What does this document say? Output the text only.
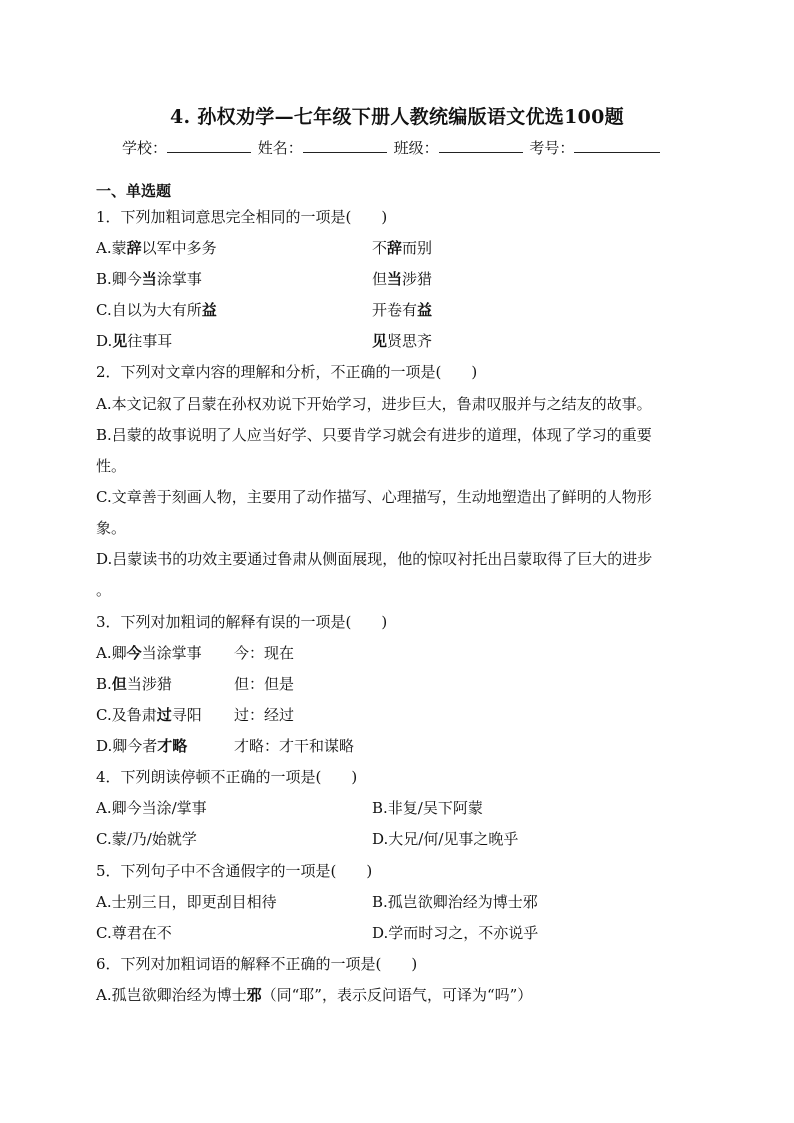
4. 孙权劝学—七年级下册人教统编版语文优选100题
学校：	姓名：	班级：	考号：
一、单选题
1．下列加粗词意思完全相同的一项是(　　)
A.蒙辞以军中多务	不辞而别
B.卿今当涂掌事	但当涉猎
C.自以为大有所益	开卷有益
D.见往事耳	见贤思齐
2．下列对文章内容的理解和分析，不正确的一项是(　　)
A.本文记叙了吕蒙在孙权劝说下开始学习，进步巨大，鲁肃叹服并与之结友的故事。
B.吕蒙的故事说明了人应当好学、只要肯学习就会有进步的道理，体现了学习的重要
性。
C.文章善于刻画人物，主要用了动作描写、心理描写，生动地塑造出了鲜明的人物形
象。
D.吕蒙读书的功效主要通过鲁肃从侧面展现，他的惊叹衬托出吕蒙取得了巨大的进步
。
3．下列对加粗词的解释有误的一项是(　　)
A.卿今当涂掌事 今：现在
B.但当涉猎	但：但是
C.及鲁肃过寻阳 过：经过
D.卿今者才略	才略：才干和谋略
4．下列朗读停顿不正确的一项是(　　)
A.卿今当涂/掌事	B.非复/吴下阿蒙
C.蒙/乃/始就学	D.大兄/何/见事之晚乎
5．下列句子中不含通假字的一项是(　　)
A.士别三日，即更刮目相待	B.孤岂欲卿治经为博士邪
C.尊君在不	D.学而时习之，不亦说乎
6．下列对加粗词语的解释不正确的一项是(　　)
A.孤岂欲卿治经为博士邪（同“耶”，表示反问语气，可译为“吗”）
